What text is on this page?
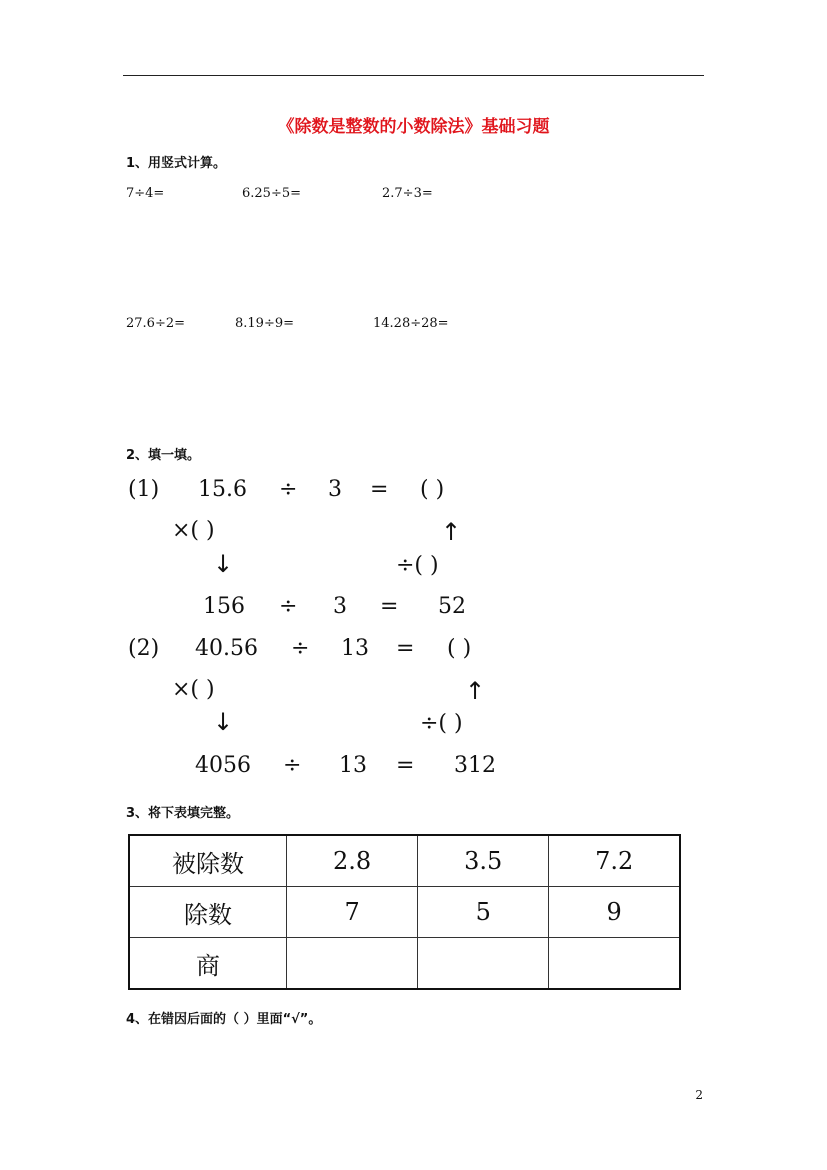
《除数是整数的小数除法》基础习题
1、用竖式计算。
7÷4=	6.25÷5=	2.7÷3=
27.6÷2=	8.19÷9=	14.28÷28=
2、填一填。
(1) 15.6 ÷ 3 = ( )
×( )	↑
↓	÷( )
156 ÷ 3 = 52
(2) 40.56 ÷ 13 = ( )
×( )	↑
↓	÷( )
4056 ÷ 13 = 312
3、将下表填完整。
被除数	2.8	3.5	7.2
除数	7	5	9
商			
4、在错因后面的（ ）里面“√”。
2
